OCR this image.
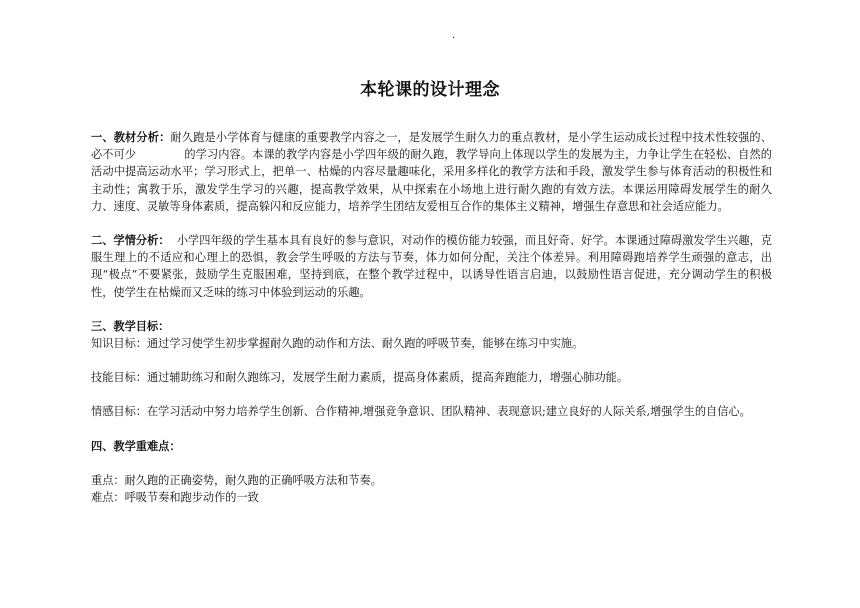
.
本轮课的设计理念

一、教材分析：耐久跑是小学体育与健康的重要教学内容之一，是发展学生耐久力的重点教材，是小学生运动成长过程中技术性较强的、必不可少	的学习内容。本课的教学内容是小学四年级的耐久跑，教学导向上体现以学生的发展为主，力争让学生在轻松、自然的活动中提高运动水平；学习形式上，把单一、枯燥的内容尽量趣味化，采用多样化的教学方法和手段，激发学生参与体育活动的积极性和主动性；寓教于乐，激发学生学习的兴趣，提高教学效果，从中探索在小场地上进行耐久跑的有效方法。本课运用障碍发展学生的耐久力、速度、灵敏等身体素质，提高躲闪和反应能力，培养学生团结友爱相互合作的集体主义精神，增强生存意思和社会适应能力。

二、学情分析：  小学四年级的学生基本具有良好的参与意识，对动作的模仿能力较强，而且好奇、好学。本课通过障碍激发学生兴趣，克服生理上的不适应和心理上的恐惧，教会学生呼吸的方法与节奏，体力如何分配，关注个体差异。利用障碍跑培养学生顽强的意志，出现“极点”不要紧张，鼓励学生克服困难，坚持到底，在整个教学过程中，以诱导性语言启迪，以鼓励性语言促进，充分调动学生的积极性，使学生在枯燥而又乏味的练习中体验到运动的乐趣。

三、教学目标：

知识目标：通过学习使学生初步掌握耐久跑的动作和方法、耐久跑的呼吸节奏，能够在练习中实施。

技能目标：通过辅助练习和耐久跑练习，发展学生耐力素质，提高身体素质，提高奔跑能力，增强心肺功能。

情感目标：在学习活动中努力培养学生创新、合作精神,增强竞争意识、团队精神、表现意识;建立良好的人际关系,增强学生的自信心。

四、教学重难点：

重点：耐久跑的正确姿势，耐久跑的正确呼吸方法和节奏。

难点：呼吸节奏和跑步动作的一致
